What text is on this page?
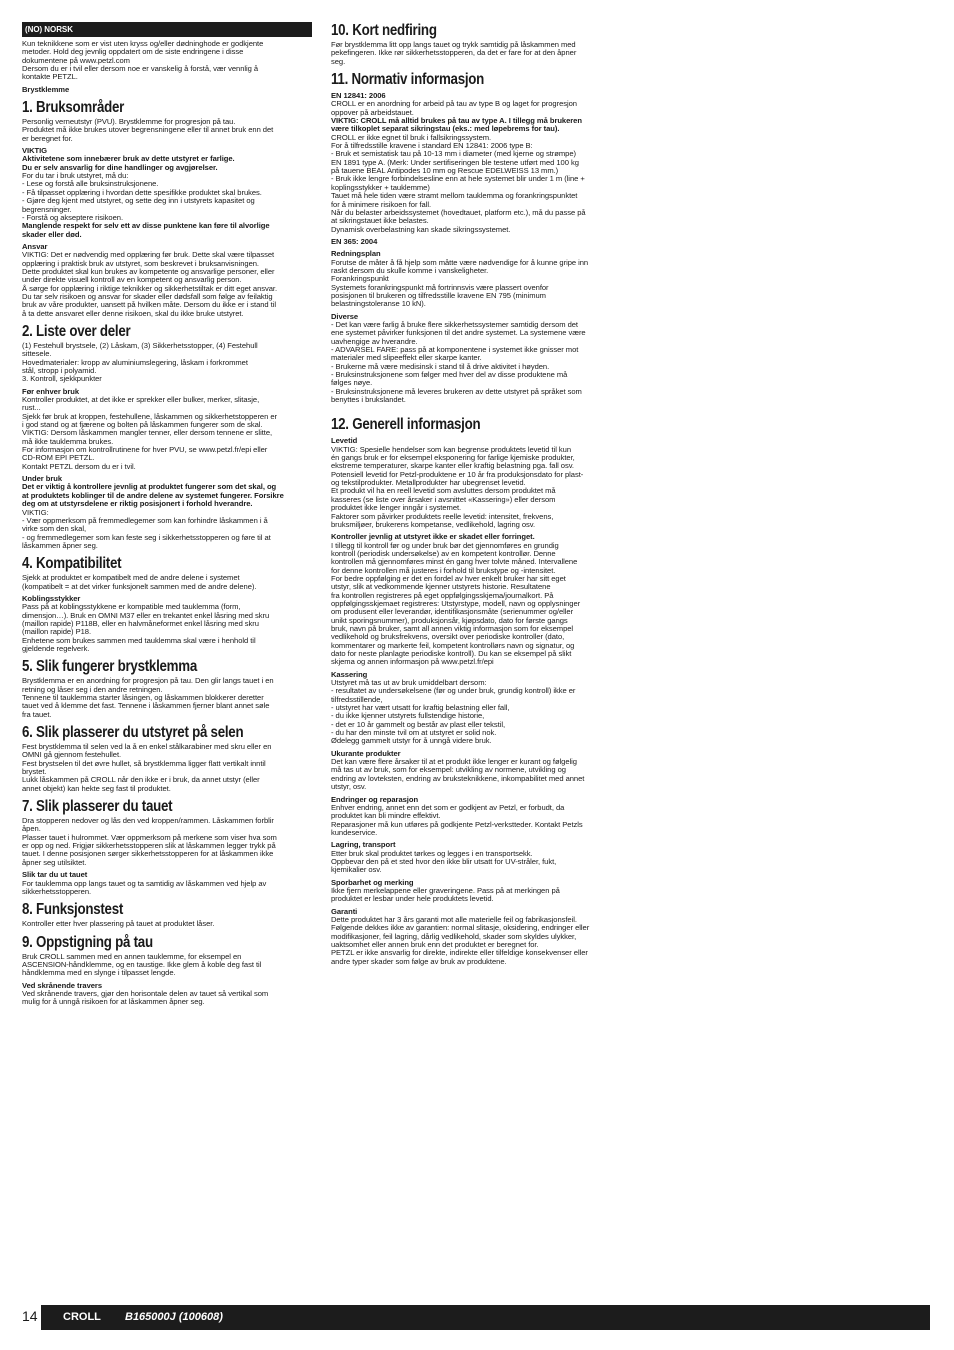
(NO) NORSK
Kun teknikkene som er vist uten kryss og/eller dødninghode er godkjente
metoder. Hold deg jevnlig oppdatert om de siste endringene i disse
dokumentene på www.petzl.com
Dersom du er i tvil eller dersom noe er vanskelig å forstå, vær vennlig å
kontakte PETZL.
Brystklemme
1. Bruksområder
Personlig verneutstyr (PVU). Brystklemme for progresjon på tau.
Produktet må ikke brukes utover begrensningene eller til annet bruk enn det
er beregnet for.
VIKTIG
Aktivitetene som innebærer bruk av dette utstyret er farlige.
Du er selv ansvarlig for dine handlinger og avgjørelser.
For du tar i bruk utstyret, må du:
- Lese og forstå alle bruksinstruksjonene.
- Få tilpasset opplæring i hvordan dette spesifikke produktet skal brukes.
- Gjøre deg kjent med utstyret, og sette deg inn i utstyrets kapasitet og
begrensninger.
- Forstå og akseptere risikoen.
Manglende respekt for selv ett av disse punktene kan føre til alvorlige
skader eller død.
Ansvar
VIKTIG: Det er nødvendig med opplæring før bruk. Dette skal være tilpasset
opplæring i praktisk bruk av utstyret, som beskrevet i bruksanvisningen.
Dette produktet skal kun brukes av kompetente og ansvarlige personer, eller
under direkte visuell kontroll av en kompetent og ansvarlig person.
Å sørge for opplæring i riktige teknikker og sikkerhetstiltak er ditt eget ansvar.
Du tar selv risikoen og ansvar for skader eller dødsfall som følge av feilaktig
bruk av våre produkter, uansett på hvilken måte. Dersom du ikke er i stand til
å ta dette ansvaret eller denne risikoen, skal du ikke bruke utstyret.
2. Liste over deler
(1) Festehull brystsele, (2) Låskam, (3) Sikkerhetsstopper, (4) Festehull
sittesele.
Hovedmaterialer: kropp av aluminiumslegering, låskam i forkrommet
stål, stropp i polyamid.
3. Kontroll, sjekkpunkter
Før enhver bruk
Kontroller produktet, at det ikke er sprekker eller bulker, merker, slitasje,
rust...
Sjekk før bruk at kroppen, festehullene, låskammen og sikkerhetstopperen er
i god stand og at fjærene og bolten på låskammen fungerer som de skal.
VIKTIG: Dersom låskammen mangler tenner, eller dersom tennene er slitte,
må ikke tauklemma brukes.
For informasjon om kontrollrutinene for hver PVU, se www.petzl.fr/epi eller
CD-ROM EPI PETZL.
Kontakt PETZL dersom du er i tvil.
Under bruk
Det er viktig å kontrollere jevnlig at produktet fungerer som det skal, og
at produktets koblinger til de andre delene av systemet fungerer. Forsikre
deg om at utstyrsdelene er riktig posisjonert i forhold hverandre.
VIKTIG:
- Vær oppmerksom på fremmedlegemer som kan forhindre låskammen i å
virke som den skal,
- og fremmedlegemer som kan feste seg i sikkerhetsstopperen og føre til at
låskammen åpner seg.
4. Kompatibilitet
Sjekk at produktet er kompatibelt med de andre delene i systemet
(kompatibelt = at det virker funksjonelt sammen med de andre delene).
Koblingsstykker
Pass på at koblingsstykkene er kompatible med tauklemma (form,
dimensjon…). Bruk en OMNI M37 eller en trekantet enkel låsring med skru
(maillon rapide) P118B, eller en halvmåneformet enkel låsring med skru
(maillon rapide) P18.
Enhetene som brukes sammen med tauklemma skal være i henhold til
gjeldende regelverk.
5. Slik fungerer brystklemma
Brystklemma er en anordning for progresjon på tau. Den glir langs tauet i en
retning og låser seg i den andre retningen.
Tennene til tauklemma starter låsingen, og låskammen blokkerer deretter
tauet ved å klemme det fast. Tennene i låskammen fjerner blant annet søle
fra tauet.
6. Slik plasserer du utstyret på selen
Fest brystklemma til selen ved la å en enkel stålkarabiner med skru eller en
OMNI gå gjennom festehullet.
Fest brystselen til det øvre hullet, så brystklemma ligger flatt vertikalt inntil
brystet.
Lukk låskammen på CROLL når den ikke er i bruk, da annet utstyr (eller
annet objekt) kan hekte seg fast til produktet.
7. Slik plasserer du tauet
Dra stopperen nedover og lås den ved kroppen/rammen. Låskammen forblir
åpen.
Plasser tauet i hulrommet. Vær oppmerksom på merkene som viser hva som
er opp og ned. Frigjør sikkerhetsstopperen slik at låskammen legger trykk på
tauet. I denne posisjonen sørger sikkerhetsstopperen for at låskammen ikke
åpner seg utilsiktet.
Slik tar du ut tauet
For tauklemma opp langs tauet og ta samtidig av låskammen ved hjelp av
sikkerhetsstopperen.
8. Funksjonstest
Kontroller etter hver plassering på tauet at produktet låser.
9. Oppstigning på tau
Bruk CROLL sammen med en annen tauklemme, for eksempel en
ASCENSION-håndklemme, og en taustige. Ikke glem å koble deg fast til
håndklemma med en slynge i tilpasset lengde.
Ved skrånende travers
Ved skrånende travers, gjør den horisontale delen av tauet så vertikal som
mulig for å unngå risikoen for at låskammen åpner seg.
10. Kort nedfiring
Før brystklemma litt opp langs tauet og trykk samtidig på låskammen med
pekefingeren. Ikke rør sikkerhetsstopperen, da det er fare for at den åpner
seg.
11. Normativ informasjon
EN 12841: 2006
CROLL er en anordning for arbeid på tau av type B og laget for progresjon
oppover på arbeidstauet.
VIKTIG: CROLL må alltid brukes på tau av type A. I tillegg må brukeren
være tilkoplet separat sikringstau (eks.: med løpebrems for tau).
CROLL er ikke egnet til bruk i fallsikringssystem.
For å tilfredsstille kravene i standard EN 12841: 2006 type B:
- Bruk et semistatisk tau på 10-13 mm i diameter (med kjerne og strømpe)
EN 1891 type A. (Merk: Under sertifiseringen ble testene utført med 100 kg
på tauene BEAL Antipodes 10 mm og Rescue EDELWEISS 13 mm.)
- Bruk ikke lengre forbindelsesline enn at hele systemet blir under 1 m (line +
koplingsstykker + tauklemme)
Tauet må hele tiden være stramt mellom tauklemma og forankringspunktet
for å minimere risikoen for fall.
Når du belaster arbeidssystemet (hovedtauet, platform etc.), må du passe på
at sikringstauet ikke belastes.
Dynamisk overbelastning kan skade sikringssystemet.
EN 365: 2004
Redningsplan
Forutse de måter å få hjelp som måtte være nødvendige for å kunne gripe inn
raskt dersom du skulle komme i vanskeligheter.
Forankringspunkt
Systemets forankringspunkt må fortrinnsvis være plassert ovenfor
posisjonen til brukeren og tilfredsstille kravene EN 795 (minimum
belastningstoleranse 10 kN).
Diverse
- Det kan være farlig å bruke flere sikkerhetssystemer samtidig dersom det
ene systemet påvirker funksjonen til det andre systemet. La systemene være
uavhengige av hverandre.
- ADVARSEL FARE: pass på at komponentene i systemet ikke gnisser mot
materialer med slipeeffekt eller skarpe kanter.
- Brukerne må være medisinsk i stand til å drive aktivitet i høyden.
- Bruksinstruksjonene som følger med hver del av disse produktene må
følges nøye.
- Bruksinstruksjonene må leveres brukeren av dette utstyret på språket som
benyttes i brukslandet.
12. Generell informasjon
Levetid
VIKTIG: Spesielle hendelser som kan begrense produktets levetid til kun
én gangs bruk er for eksempel eksponering for farlige kjemiske produkter,
ekstreme temperaturer, skarpe kanter eller kraftig belastning pga. fall osv.
Potensiell levetid for Petzl-produktene er 10 år fra produksjonsdato for plast-
og tekstilprodukter. Metallprodukter har ubegrenset levetid.
Et produkt vil ha en reell levetid som avsluttes dersom produktet må
kasseres (se liste over årsaker i avsnittet «Kassering») eller dersom
produktet ikke lenger inngår i systemet.
Faktorer som påvirker produktets reelle levetid: intensitet, frekvens,
bruksmiljøer, brukerens kompetanse, vedlikehold, lagring osv.
Kontroller jevnlig at utstyret ikke er skadet eller forringet.
I tillegg til kontroll før og under bruk bør det gjennomføres en grundig
kontroll (periodisk undersøkelse) av en kompetent kontrollør. Denne
kontrollen må gjennomføres minst én gang hver tolvte måned. Intervallene
for denne kontrollen må justeres i forhold til brukstype og -intensitet.
For bedre oppfølging er det en fordel av hver enkelt bruker har sitt eget
utstyr, slik at vedkommende kjenner utstyrets historie. Resultatene
fra kontrollen registreres på eget oppfølgingsskjema/journalkort. På
oppfølgingsskjemaet registreres: Utstyrstype, modell, navn og opplysninger
om produsent eller leverandør, identifikasjonsmåte (serienummer og/eller
unikt sporingsnummer), produksjonsår, kjøpsdato, dato for første gangs
bruk, navn på bruker, samt all annen viktig informasjon som for eksempel
vedlikehold og bruksfrekvens, oversikt over periodiske kontroller (dato,
kommentarer og markerte feil, kompetent kontrollørs navn og signatur, og
dato for neste planlagte periodiske kontroll). Du kan se eksempel på slikt
skjema og annen informasjon på www.petzl.fr/epi
Kassering
Utstyret må tas ut av bruk umiddelbart dersom:
- resultatet av undersøkelsene (før og under bruk, grundig kontroll) ikke er
tilfredsstillende,
- utstyret har vært utsatt for kraftig belastning eller fall,
- du ikke kjenner utstyrets fullstendige historie,
- det er 10 år gammelt og består av plast eller tekstil,
- du har den minste tvil om at utstyret er solid nok.
Ødelegg gammelt utstyr for å unngå videre bruk.
Ukurante produkter
Det kan være flere årsaker til at et produkt ikke lenger er kurant og følgelig
må tas ut av bruk, som for eksempel: utvikling av normene, utvikling og
endring av lovteksten, endring av bruksteknikkene, inkompabilitet med annet
utstyr, osv.
Endringer og reparasjon
Enhver endring, annet enn det som er godkjent av Petzl, er forbudt, da
produktet kan bli mindre effektivt.
Reparasjoner må kun utføres på godkjente Petzl-verkstteder. Kontakt Petzls
kundeservice.
Lagring, transport
Etter bruk skal produktet tørkes og legges i en transportsekk.
Oppbevar den på et sted hvor den ikke blir utsatt for UV-stråler, fukt,
kjemikalier osv.
Sporbarhet og merking
Ikke fjern merkelappene eller graveringene. Pass på at merkingen på
produktet er lesbar under hele produktets levetid.
Garanti
Dette produktet har 3 års garanti mot alle materielle feil og fabrikasjonsfeil.
Følgende dekkes ikke av garantien: normal slitasje, oksidering, endringer eller
modifikasjoner, feil lagring, dårlig vedlikehold, skader som skyldes ulykker,
uaktsomhet eller annen bruk enn det produktet er beregnet for.
PETZL er ikke ansvarlig for direkte, indirekte eller tilfeldige konsekvenser eller
andre typer skader som følge av bruk av produktene.
14 CROLL B165000J (100608)
